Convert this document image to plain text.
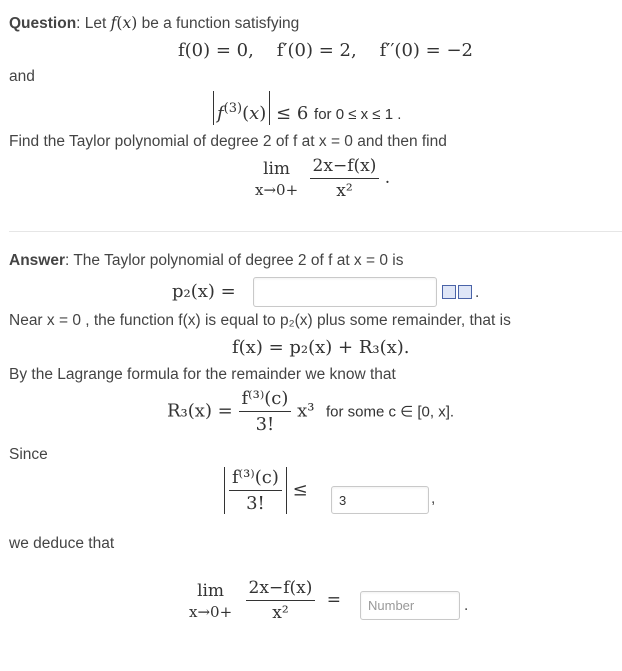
Question: Let f(x) be a function satisfying
f(0) = 0, f′(0) = 2, f′′(0) = −2
and
$f^{(3)}(x) \le 6$ for 0 ≤ x ≤ 1 .
Find the Taylor polynomial of degree 2 of f at x = 0 and then find
lim
x→0+
$\frac{2x-f(x)}{\text{x²}}$ .
Answer: The Taylor polynomial of degree 2 of f at x = 0 is
p₂(x) =	.
Near x = 0 , the function f(x) is equal to p₂(x) plus some remainder, that is
f(x) = p₂(x) + R₃(x).
By the Lagrange formula for the remainder we know that
$R_3(x) = \frac{\text{f⁽³⁾(c)}}{3!} x^3$ for some c ∈ [0, x].
Since
$\frac{\text{f⁽³⁾(c)}}{3!}$ ≤
3	,
we deduce that
lim
x→0+
$\frac{2x-f(x)}{\text{x²}}$ =
Number	.
